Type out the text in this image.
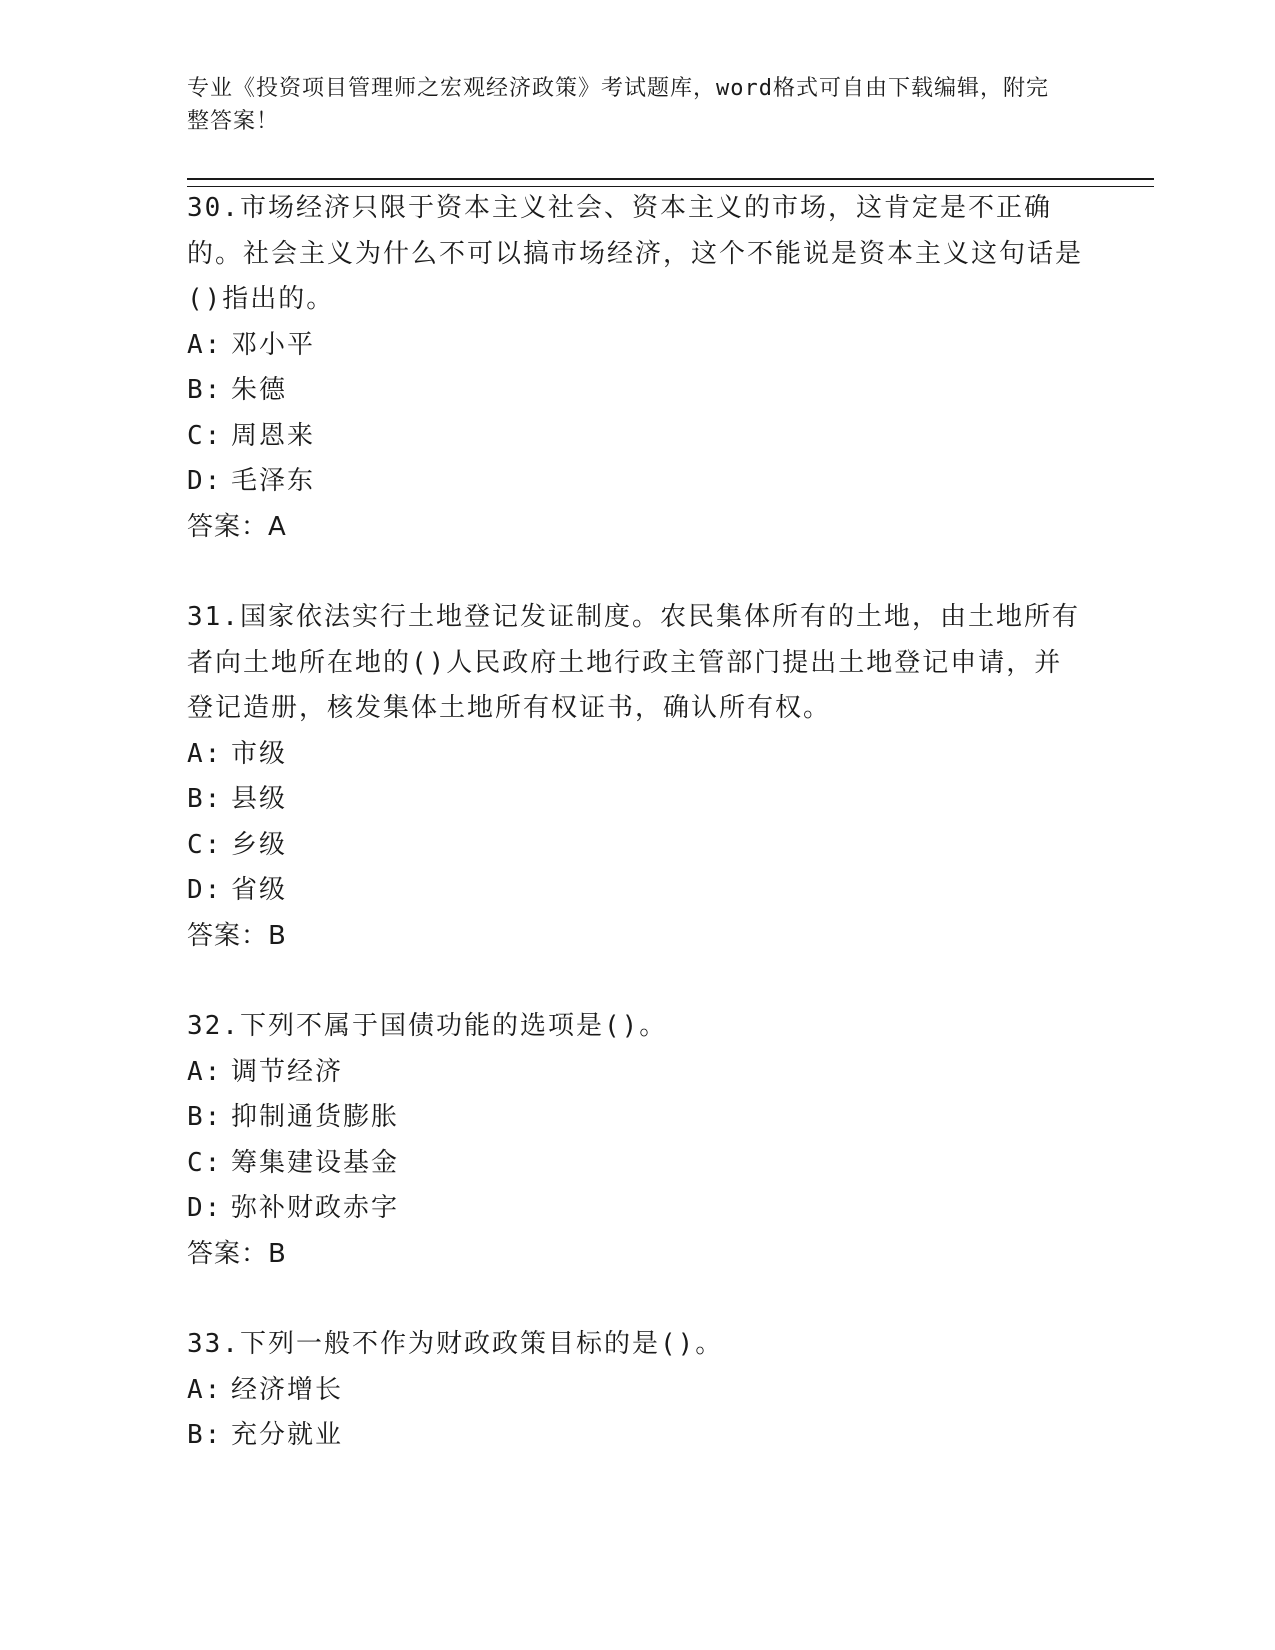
专业《投资项目管理师之宏观经济政策》考试题库，word格式可自由下载编辑，附完整答案！

30.市场经济只限于资本主义社会、资本主义的市场，这肯定是不正确的。社会主义为什么不可以搞市场经济，这个不能说是资本主义这句话是()指出的。

A: 邓小平
B: 朱德
C: 周恩来
D: 毛泽东
答案：A

31.国家依法实行土地登记发证制度。农民集体所有的土地，由土地所有者向土地所在地的()人民政府土地行政主管部门提出土地登记申请，并登记造册，核发集体土地所有权证书，确认所有权。

A: 市级
B: 县级
C: 乡级
D: 省级
答案：B

32.下列不属于国债功能的选项是()。

A: 调节经济
B: 抑制通货膨胀
C: 筹集建设基金
D: 弥补财政赤字
答案：B

33.下列一般不作为财政政策目标的是()。

A: 经济增长
B: 充分就业
